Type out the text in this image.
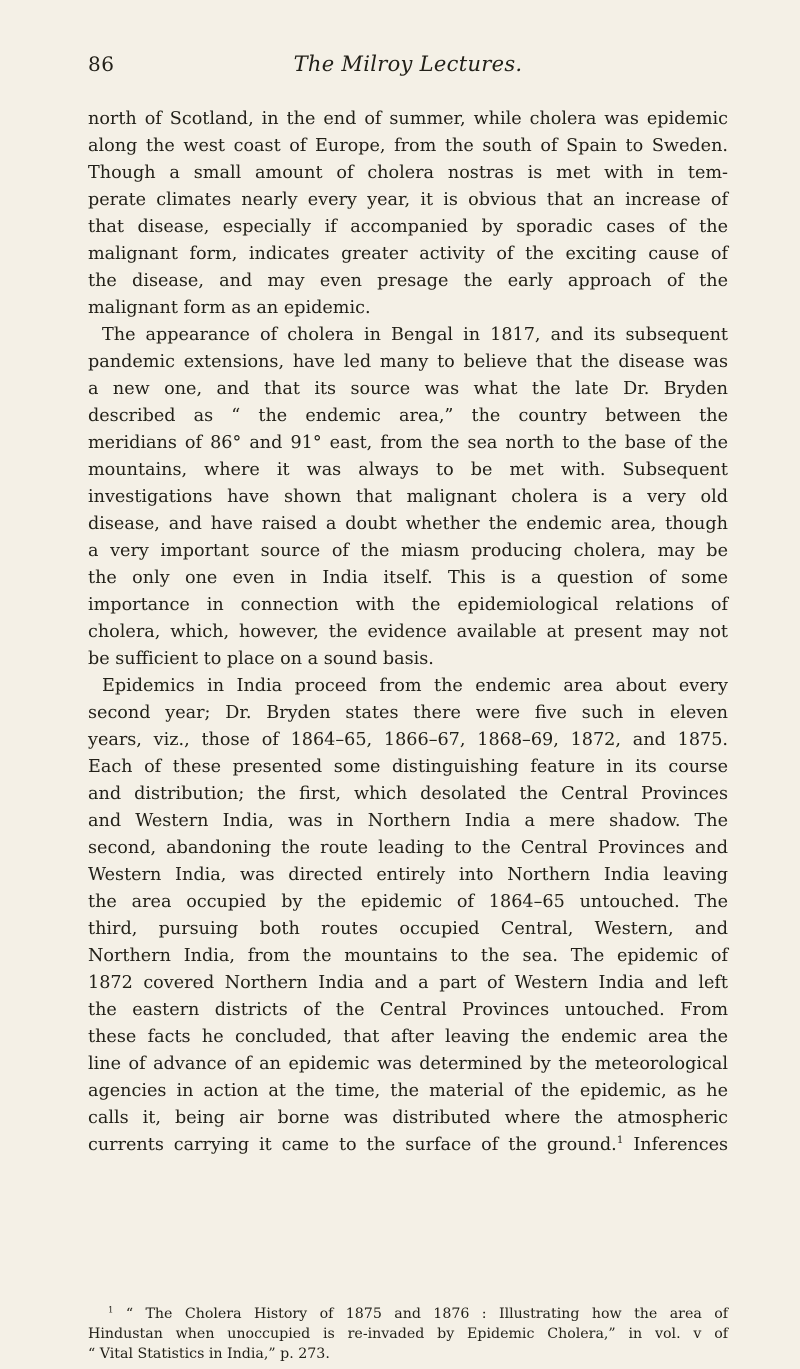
86	The Milroy Lectures.
north of Scotland, in the end of summer, while cholera was epidemic
along the west coast of Europe, from the south of Spain to Sweden.
Though a small amount of cholera nostras is met with in tem-
perate climates nearly every year, it is obvious that an increase of
that disease, especially if accompanied by sporadic cases of the
malignant form, indicates greater activity of the exciting cause of
the disease, and may even presage the early approach of the
malignant form as an epidemic.
The appearance of cholera in Bengal in 1817, and its subsequent
pandemic extensions, have led many to believe that the disease was
a new one, and that its source was what the late Dr. Bryden
described as “ the endemic area,” the country between the
meridians of 86° and 91° east, from the sea north to the base of the
mountains, where it was always to be met with. Subsequent
investigations have shown that malignant cholera is a very old
disease, and have raised a doubt whether the endemic area, though
a very important source of the miasm producing cholera, may be
the only one even in India itself. This is a question of some
importance in connection with the epidemiological relations of
cholera, which, however, the evidence available at present may not
be sufficient to place on a sound basis.
Epidemics in India proceed from the endemic area about every
second year; Dr. Bryden states there were five such in eleven
years, viz., those of 1864–65, 1866–67, 1868–69, 1872, and 1875.
Each of these presented some distinguishing feature in its course
and distribution; the first, which desolated the Central Provinces
and Western India, was in Northern India a mere shadow. The
second, abandoning the route leading to the Central Provinces and
Western India, was directed entirely into Northern India leaving
the area occupied by the epidemic of 1864–65 untouched. The
third, pursuing both routes occupied Central, Western, and
Northern India, from the mountains to the sea. The epidemic of
1872 covered Northern India and a part of Western India and left
the eastern districts of the Central Provinces untouched. From
these facts he concluded, that after leaving the endemic area the
line of advance of an epidemic was determined by the meteorological
agencies in action at the time, the material of the epidemic, as he
calls it, being air borne was distributed where the atmospheric
currents carrying it came to the surface of the ground.$^1$ Inferences
$^1$ “ The Cholera History of 1875 and 1876 : Illustrating how the area of
Hindustan when unoccupied is re-invaded by Epidemic Cholera,” in vol. v of
“ Vital Statistics in India,” p. 273.
